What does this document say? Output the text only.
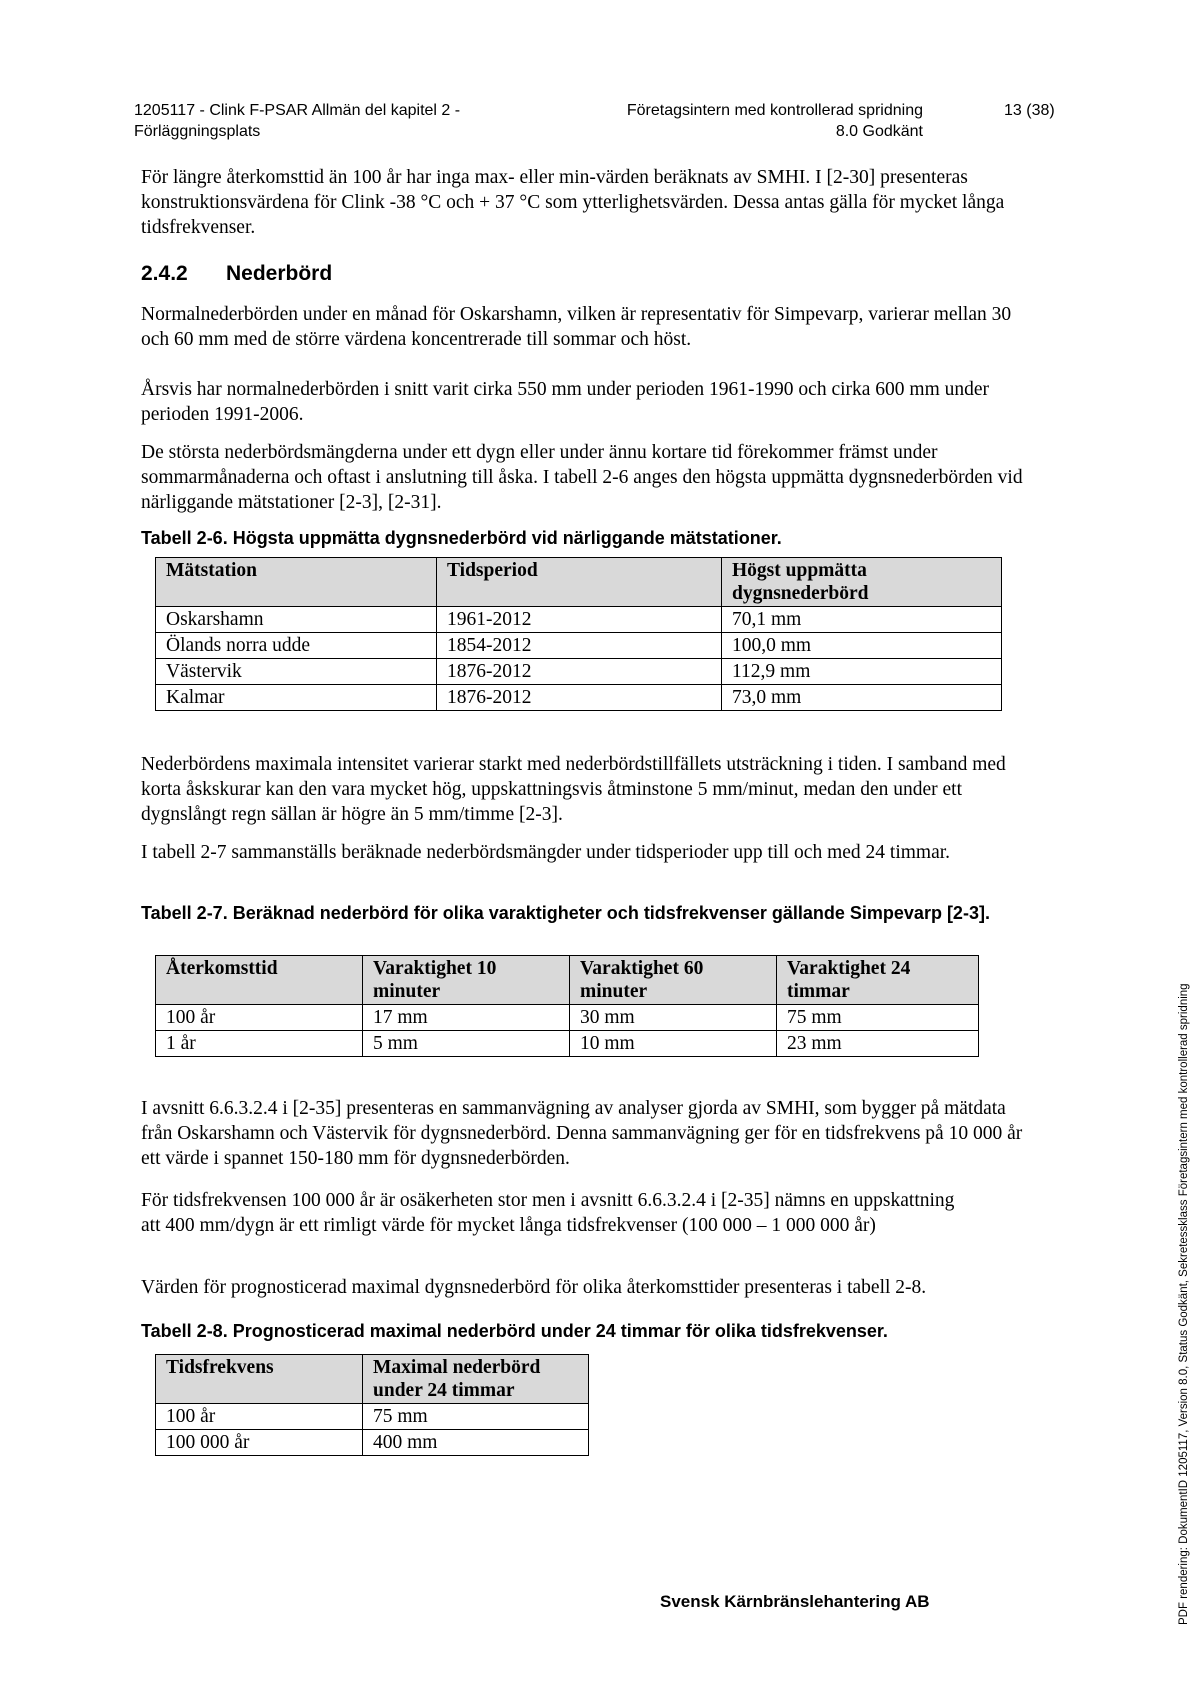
1205117 - Clink F-PSAR Allmän del kapitel 2 -
Förläggningsplats
Företagsintern med kontrollerad spridning
8.0 Godkänt
13 (38)

För längre återkomsttid än 100 år har inga max- eller min-värden beräknats av SMHI. I [2-30] presenteras konstruktionsvärdena för Clink -38 °C och + 37 °C som ytterlighetsvärden. Dessa antas gälla för mycket långa tidsfrekvenser.

2.4.2 Nederbörd

Normalnederbörden under en månad för Oskarshamn, vilken är representativ för Simpevarp, varierar mellan 30 och 60 mm med de större värdena koncentrerade till sommar och höst.

Årsvis har normalnederbörden i snitt varit cirka 550 mm under perioden 1961-1990 och cirka 600 mm under perioden 1991-2006.

De största nederbördsmängderna under ett dygn eller under ännu kortare tid förekommer främst under sommarmånaderna och oftast i anslutning till åska. I tabell 2-6 anges den högsta uppmätta dygnsnederbörden vid närliggande mätstationer [2-3], [2-31].

Tabell 2-6. Högsta uppmätta dygnsnederbörd vid närliggande mätstationer.

Mätstation	Tidsperiod	Högst uppmätta dygnsnederbörd
Oskarshamn	1961-2012	70,1 mm
Ölands norra udde	1854-2012	100,0 mm
Västervik	1876-2012	112,9 mm
Kalmar	1876-2012	73,0 mm

Nederbördens maximala intensitet varierar starkt med nederbördstillfällets utsträckning i tiden. I samband med korta åskskurar kan den vara mycket hög, uppskattningsvis åtminstone 5 mm/minut, medan den under ett dygnslångt regn sällan är högre än 5 mm/timme [2-3].

I tabell 2-7 sammanställs beräknade nederbördsmängder under tidsperioder upp till och med 24 timmar.

Tabell 2-7. Beräknad nederbörd för olika varaktigheter och tidsfrekvenser gällande Simpevarp [2-3].

Återkomsttid	Varaktighet 10 minuter	Varaktighet 60 minuter	Varaktighet 24 timmar
100 år	17 mm	30 mm	75 mm
1 år	5 mm	10 mm	23 mm

I avsnitt 6.6.3.2.4 i [2-35] presenteras en sammanvägning av analyser gjorda av SMHI, som bygger på mätdata från Oskarshamn och Västervik för dygnsnederbörd. Denna sammanvägning ger för en tidsfrekvens på 10 000 år ett värde i spannet 150-180 mm för dygnsnederbörden.

För tidsfrekvensen 100 000 år är osäkerheten stor men i avsnitt 6.6.3.2.4 i [2-35] nämns en uppskattning att 400 mm/dygn är ett rimligt värde för mycket långa tidsfrekvenser (100 000 – 1 000 000 år)

Värden för prognosticerad maximal dygnsnederbörd för olika återkomsttider presenteras i tabell 2-8.

Tabell 2-8. Prognosticerad maximal nederbörd under 24 timmar för olika tidsfrekvenser.

Tidsfrekvens	Maximal nederbörd under 24 timmar
100 år	75 mm
100 000 år	400 mm
Svensk Kärnbränslehantering AB	PDF rendering: DokumentID 1205117, Version 8.0, Status Godkänt, Sekretessklass Företagsintern med kontrollerad spridning
